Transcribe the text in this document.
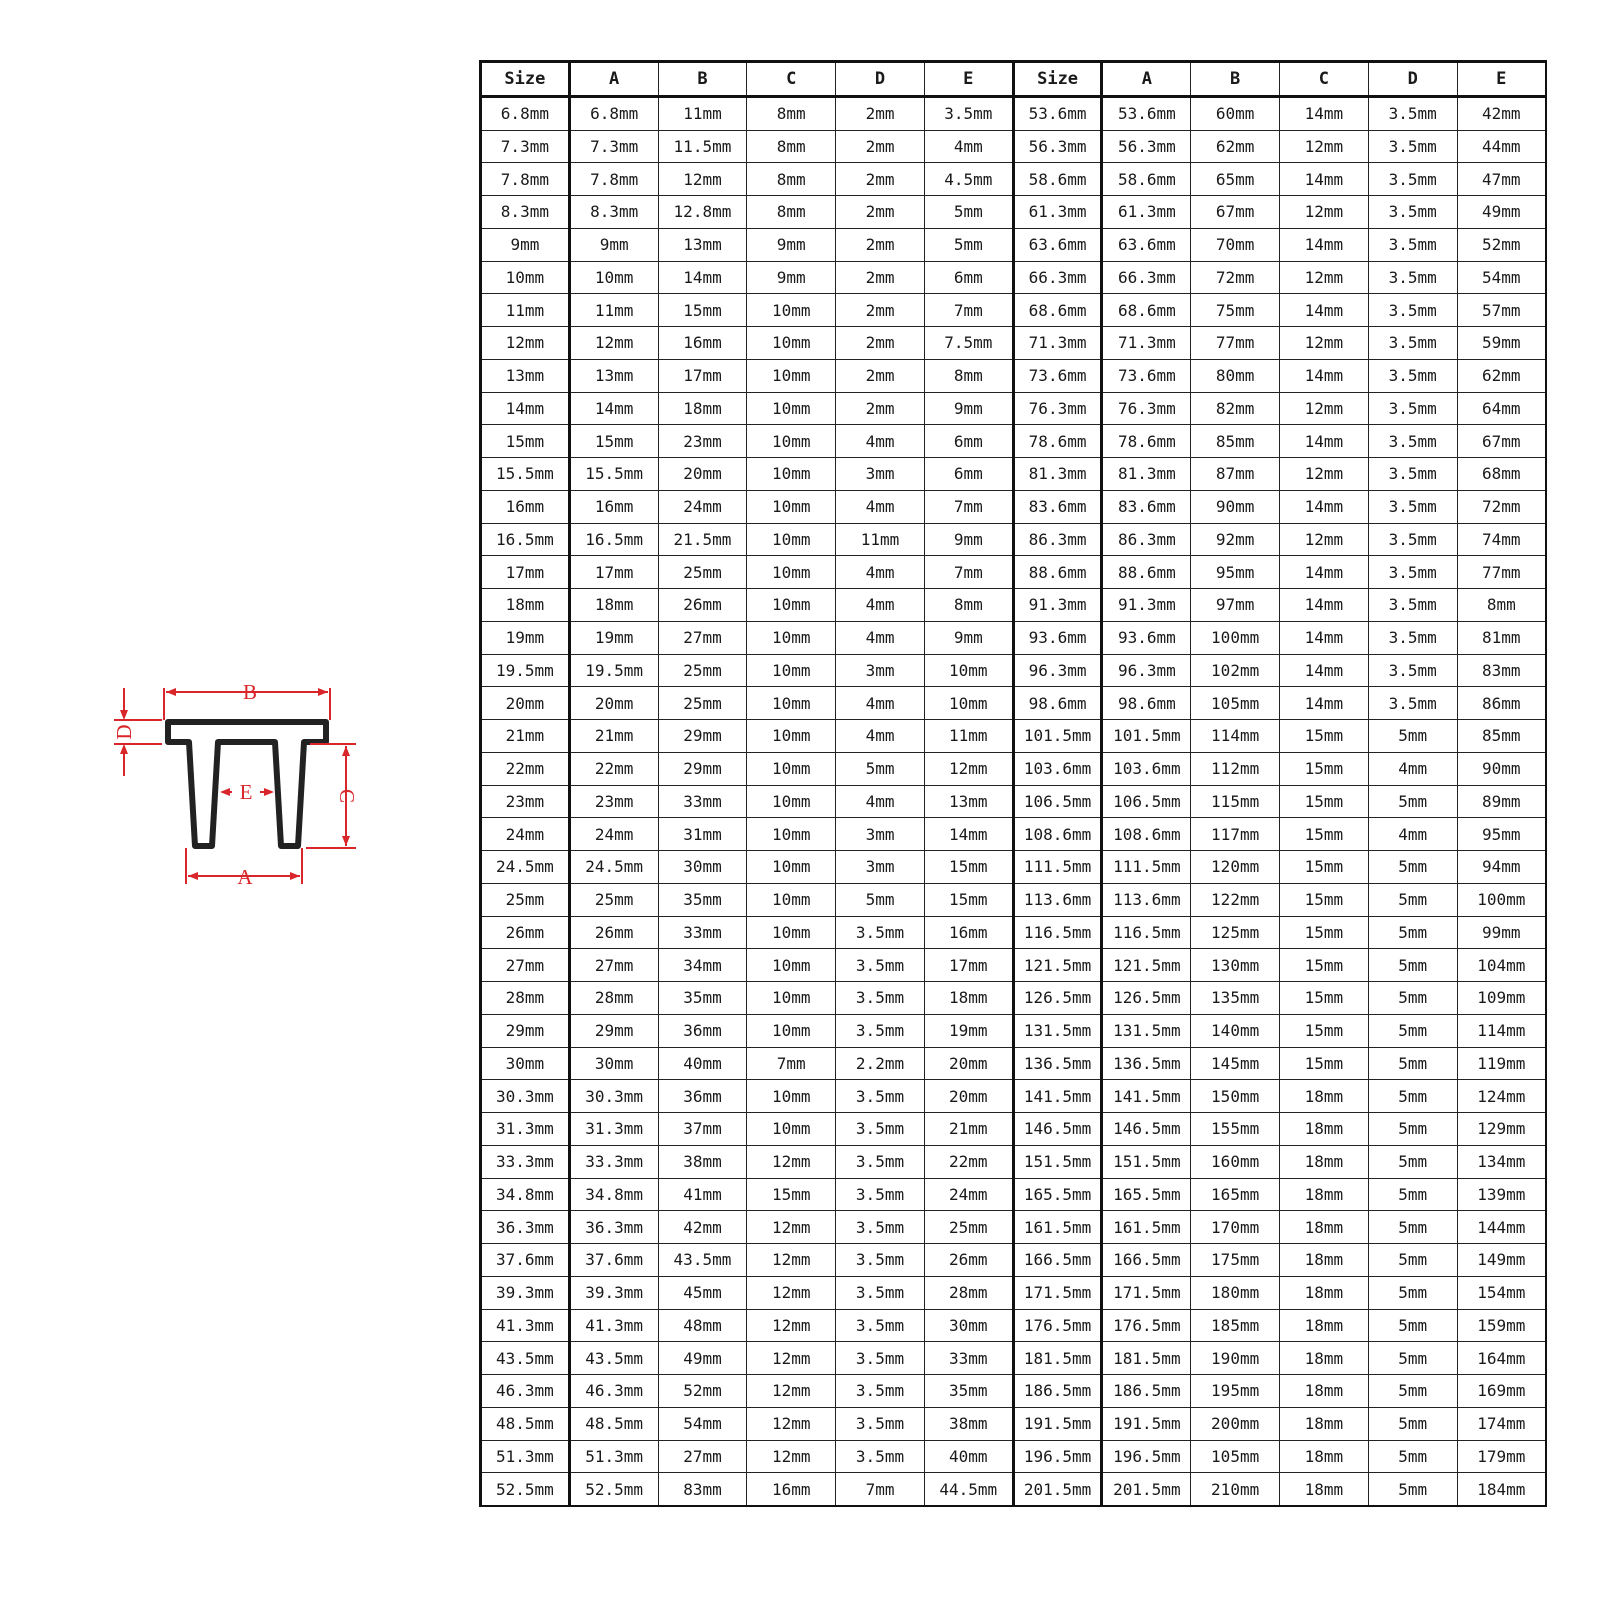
B
E
A
D
C
Size	A	B	C	D	E	Size	A	B	C	D	E
6.8mm	6.8mm	11mm	8mm	2mm	3.5mm	53.6mm	53.6mm	60mm	14mm	3.5mm	42mm
7.3mm	7.3mm	11.5mm	8mm	2mm	4mm	56.3mm	56.3mm	62mm	12mm	3.5mm	44mm
7.8mm	7.8mm	12mm	8mm	2mm	4.5mm	58.6mm	58.6mm	65mm	14mm	3.5mm	47mm
8.3mm	8.3mm	12.8mm	8mm	2mm	5mm	61.3mm	61.3mm	67mm	12mm	3.5mm	49mm
9mm	9mm	13mm	9mm	2mm	5mm	63.6mm	63.6mm	70mm	14mm	3.5mm	52mm
10mm	10mm	14mm	9mm	2mm	6mm	66.3mm	66.3mm	72mm	12mm	3.5mm	54mm
11mm	11mm	15mm	10mm	2mm	7mm	68.6mm	68.6mm	75mm	14mm	3.5mm	57mm
12mm	12mm	16mm	10mm	2mm	7.5mm	71.3mm	71.3mm	77mm	12mm	3.5mm	59mm
13mm	13mm	17mm	10mm	2mm	8mm	73.6mm	73.6mm	80mm	14mm	3.5mm	62mm
14mm	14mm	18mm	10mm	2mm	9mm	76.3mm	76.3mm	82mm	12mm	3.5mm	64mm
15mm	15mm	23mm	10mm	4mm	6mm	78.6mm	78.6mm	85mm	14mm	3.5mm	67mm
15.5mm	15.5mm	20mm	10mm	3mm	6mm	81.3mm	81.3mm	87mm	12mm	3.5mm	68mm
16mm	16mm	24mm	10mm	4mm	7mm	83.6mm	83.6mm	90mm	14mm	3.5mm	72mm
16.5mm	16.5mm	21.5mm	10mm	11mm	9mm	86.3mm	86.3mm	92mm	12mm	3.5mm	74mm
17mm	17mm	25mm	10mm	4mm	7mm	88.6mm	88.6mm	95mm	14mm	3.5mm	77mm
18mm	18mm	26mm	10mm	4mm	8mm	91.3mm	91.3mm	97mm	14mm	3.5mm	8mm
19mm	19mm	27mm	10mm	4mm	9mm	93.6mm	93.6mm	100mm	14mm	3.5mm	81mm
19.5mm	19.5mm	25mm	10mm	3mm	10mm	96.3mm	96.3mm	102mm	14mm	3.5mm	83mm
20mm	20mm	25mm	10mm	4mm	10mm	98.6mm	98.6mm	105mm	14mm	3.5mm	86mm
21mm	21mm	29mm	10mm	4mm	11mm	101.5mm	101.5mm	114mm	15mm	5mm	85mm
22mm	22mm	29mm	10mm	5mm	12mm	103.6mm	103.6mm	112mm	15mm	4mm	90mm
23mm	23mm	33mm	10mm	4mm	13mm	106.5mm	106.5mm	115mm	15mm	5mm	89mm
24mm	24mm	31mm	10mm	3mm	14mm	108.6mm	108.6mm	117mm	15mm	4mm	95mm
24.5mm	24.5mm	30mm	10mm	3mm	15mm	111.5mm	111.5mm	120mm	15mm	5mm	94mm
25mm	25mm	35mm	10mm	5mm	15mm	113.6mm	113.6mm	122mm	15mm	5mm	100mm
26mm	26mm	33mm	10mm	3.5mm	16mm	116.5mm	116.5mm	125mm	15mm	5mm	99mm
27mm	27mm	34mm	10mm	3.5mm	17mm	121.5mm	121.5mm	130mm	15mm	5mm	104mm
28mm	28mm	35mm	10mm	3.5mm	18mm	126.5mm	126.5mm	135mm	15mm	5mm	109mm
29mm	29mm	36mm	10mm	3.5mm	19mm	131.5mm	131.5mm	140mm	15mm	5mm	114mm
30mm	30mm	40mm	7mm	2.2mm	20mm	136.5mm	136.5mm	145mm	15mm	5mm	119mm
30.3mm	30.3mm	36mm	10mm	3.5mm	20mm	141.5mm	141.5mm	150mm	18mm	5mm	124mm
31.3mm	31.3mm	37mm	10mm	3.5mm	21mm	146.5mm	146.5mm	155mm	18mm	5mm	129mm
33.3mm	33.3mm	38mm	12mm	3.5mm	22mm	151.5mm	151.5mm	160mm	18mm	5mm	134mm
34.8mm	34.8mm	41mm	15mm	3.5mm	24mm	165.5mm	165.5mm	165mm	18mm	5mm	139mm
36.3mm	36.3mm	42mm	12mm	3.5mm	25mm	161.5mm	161.5mm	170mm	18mm	5mm	144mm
37.6mm	37.6mm	43.5mm	12mm	3.5mm	26mm	166.5mm	166.5mm	175mm	18mm	5mm	149mm
39.3mm	39.3mm	45mm	12mm	3.5mm	28mm	171.5mm	171.5mm	180mm	18mm	5mm	154mm
41.3mm	41.3mm	48mm	12mm	3.5mm	30mm	176.5mm	176.5mm	185mm	18mm	5mm	159mm
43.5mm	43.5mm	49mm	12mm	3.5mm	33mm	181.5mm	181.5mm	190mm	18mm	5mm	164mm
46.3mm	46.3mm	52mm	12mm	3.5mm	35mm	186.5mm	186.5mm	195mm	18mm	5mm	169mm
48.5mm	48.5mm	54mm	12mm	3.5mm	38mm	191.5mm	191.5mm	200mm	18mm	5mm	174mm
51.3mm	51.3mm	27mm	12mm	3.5mm	40mm	196.5mm	196.5mm	105mm	18mm	5mm	179mm
52.5mm	52.5mm	83mm	16mm	7mm	44.5mm	201.5mm	201.5mm	210mm	18mm	5mm	184mm
